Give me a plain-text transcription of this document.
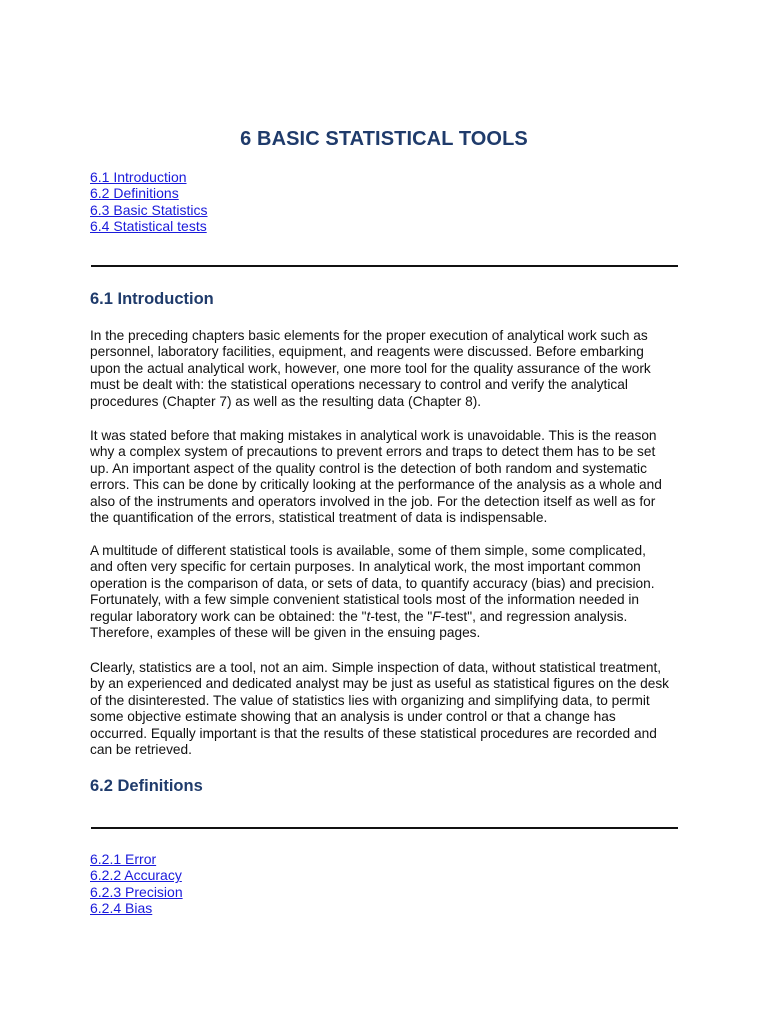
6 BASIC STATISTICAL TOOLS
6.1 Introduction
6.2 Definitions
6.3 Basic Statistics
6.4 Statistical tests
6.1 Introduction

In the preceding chapters basic elements for the proper execution of analytical work such as
personnel, laboratory facilities, equipment, and reagents were discussed. Before embarking
upon the actual analytical work, however, one more tool for the quality assurance of the work
must be dealt with: the statistical operations necessary to control and verify the analytical
procedures (Chapter 7) as well as the resulting data (Chapter 8).

It was stated before that making mistakes in analytical work is unavoidable. This is the reason
why a complex system of precautions to prevent errors and traps to detect them has to be set
up. An important aspect of the quality control is the detection of both random and systematic
errors. This can be done by critically looking at the performance of the analysis as a whole and
also of the instruments and operators involved in the job. For the detection itself as well as for
the quantification of the errors, statistical treatment of data is indispensable.

A multitude of different statistical tools is available, some of them simple, some complicated,
and often very specific for certain purposes. In analytical work, the most important common
operation is the comparison of data, or sets of data, to quantify accuracy (bias) and precision.
Fortunately, with a few simple convenient statistical tools most of the information needed in
regular laboratory work can be obtained: the "t-test, the "F-test", and regression analysis.
Therefore, examples of these will be given in the ensuing pages.

Clearly, statistics are a tool, not an aim. Simple inspection of data, without statistical treatment,
by an experienced and dedicated analyst may be just as useful as statistical figures on the desk
of the disinterested. The value of statistics lies with organizing and simplifying data, to permit
some objective estimate showing that an analysis is under control or that a change has
occurred. Equally important is that the results of these statistical procedures are recorded and
can be retrieved.

6.2 Definitions
6.2.1 Error
6.2.2 Accuracy
6.2.3 Precision
6.2.4 Bias
